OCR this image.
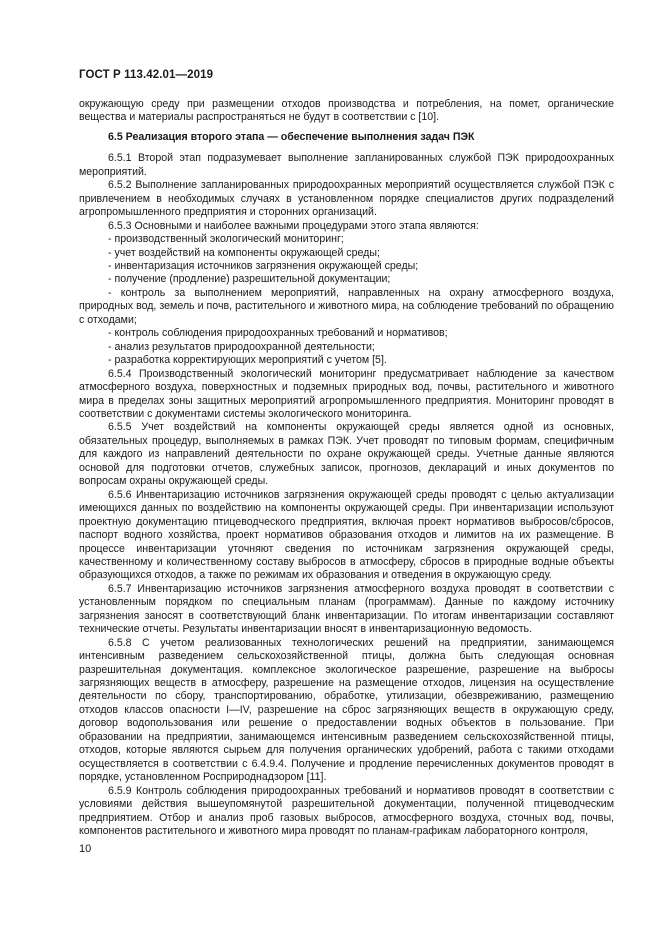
ГОСТ Р 113.42.01—2019

окружающую среду при размещении отходов производства и потребления, на помет, органические вещества и материалы распространяться не будут в соответствии с [10].

6.5 Реализация второго этапа — обеспечение выполнения задач ПЭК

6.5.1 Второй этап подразумевает выполнение запланированных службой ПЭК природоохранных мероприятий.

6.5.2 Выполнение запланированных природоохранных мероприятий осуществляется службой ПЭК с привлечением в необходимых случаях в установленном порядке специалистов других подразделений агропромышленного предприятия и сторонних организаций.

6.5.3 Основными и наиболее важными процедурами этого этапа являются:

- производственный экологический мониторинг;

- учет воздействий на компоненты окружающей среды;

- инвентаризация источников загрязнения окружающей среды;

- получение (продление) разрешительной документации;

- контроль за выполнением мероприятий, направленных на охрану атмосферного воздуха, природных вод, земель и почв, растительного и животного мира, на соблюдение требований по обращению с отходами;

- контроль соблюдения природоохранных требований и нормативов;

- анализ результатов природоохранной деятельности;

- разработка корректирующих мероприятий с учетом [5].

6.5.4 Производственный экологический мониторинг предусматривает наблюдение за качеством атмосферного воздуха, поверхностных и подземных природных вод, почвы, растительного и животного мира в пределах зоны защитных мероприятий агропромышленного предприятия. Мониторинг проводят в соответствии с документами системы экологического мониторинга.

6.5.5 Учет воздействий на компоненты окружающей среды является одной из основных, обязательных процедур, выполняемых в рамках ПЭК. Учет проводят по типовым формам, специфичным для каждого из направлений деятельности по охране окружающей среды. Учетные данные являются основой для подготовки отчетов, служебных записок, прогнозов, деклараций и иных документов по вопросам охраны окружающей среды.

6.5.6 Инвентаризацию источников загрязнения окружающей среды проводят с целью актуализации имеющихся данных по воздействию на компоненты окружающей среды. При инвентаризации используют проектную документацию птицеводческого предприятия, включая проект нормативов выбросов/сбросов, паспорт водного хозяйства, проект нормативов образования отходов и лимитов на их размещение. В процессе инвентаризации уточняют сведения по источникам загрязнения окружающей среды, качественному и количественному составу выбросов в атмосферу, сбросов в природные водные объекты образующихся отходов, а также по режимам их образования и отведения в окружающую среду.

6.5.7 Инвентаризацию источников загрязнения атмосферного воздуха проводят в соответствии с установленным порядком по специальным планам (программам). Данные по каждому источнику загрязнения заносят в соответствующий бланк инвентаризации. По итогам инвентаризации составляют технические отчеты. Результаты инвентаризации вносят в инвентаризационную ведомость.

6.5.8 С учетом реализованных технологических решений на предприятии, занимающемся интенсивным разведением сельскохозяйственной птицы, должна быть следующая основная разрешительная документация. комплексное экологическое разрешение, разрешение на выбросы загрязняющих веществ в атмосферу, разрешение на размещение отходов, лицензия на осуществление деятельности по сбору, транспортированию, обработке, утилизации, обезвреживанию, размещению отходов классов опасности I—IV, разрешение на сброс загрязняющих веществ в окружающую среду, договор водопользования или решение о предоставлении водных объектов в пользование. При образовании на предприятии, занимающемся интенсивным разведением сельскохозяйственной птицы, отходов, которые являются сырьем для получения органических удобрений, работа с такими отходами осуществляется в соответствии с 6.4.9.4. Получение и продление перечисленных документов проводят в порядке, установленном Росприроднадзором [11].

6.5.9 Контроль соблюдения природоохранных требований и нормативов проводят в соответствии с условиями действия вышеупомянутой разрешительной документации, полученной птицеводческим предприятием. Отбор и анализ проб газовых выбросов, атмосферного воздуха, сточных вод, почвы, компонентов растительного и животного мира проводят по планам-графикам лабораторного контроля,

10
